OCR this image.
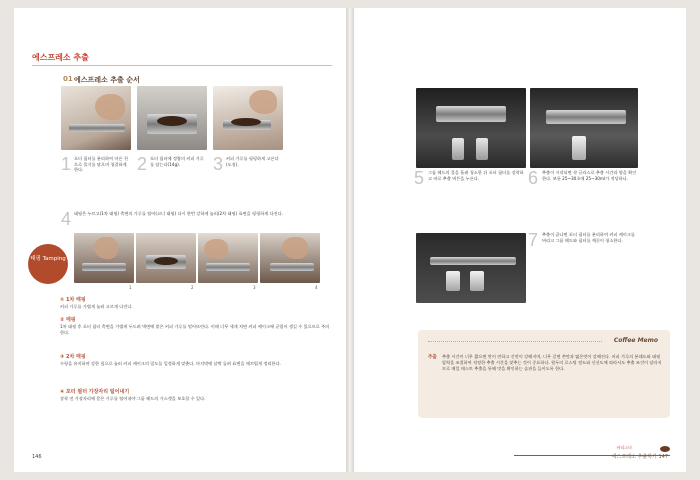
에스프레소 추출
01 에스프레소 추출 순서
1 포터 필터를 분리하여 마른 천으로 물기를 닦으며 청결하게 한다.	2 포터 필터에 정량의 커피 가루를 담는다(14g).	3 커피 가루를 평평하게 고른다(도징).
4 태핑은 누르고(1차 태핑) 측면의 가루를 털어(코너 태핑) 다시 한번 강하게 눌러(2차 태핑) 표면을 평평하게 다진다.
태핑 Tamping
1	2	3	4
① 1차 태핑
커피 가루를 가볍게 눌러 고르게 다진다.
② 태핑
1차 태핑 후 포터 필터 측면을 가볍게 두드려 벽면에 붙은 커피 가루를 떨어뜨린다. 이때 너무 세게 치면 커피 케이크에 균열이 생길 수 있으므로 주의한다.
③ 2차 태핑
수평을 유지하며 강한 힘으로 눌러 커피 케이크의 밀도를 일정하게 맞춘다. 마지막에 살짝 돌려 표면을 매끄럽게 정리한다.
④ 포터 필터 가장자리 털어내기
장착 전 가장자리에 묻은 가루를 털어내야 그룹 헤드의 가스켓을 보호할 수 있다.
146
5 그룹 헤드의 물을 흘려 청소한 뒤 포터 필터를 장착하고 바로 추출 버튼을 누른다.	6 추출이 시작되면 샷 글라스로 추출 시간과 양을 확인한다. 보통 25~30초에 25~30ml가 적당하다.
7 추출이 끝나면 포터 필터를 분리하여 커피 케이크를 버리고 그룹 헤드와 필터를 깨끗이 청소한다.
Coffee Memo
추출 추출 시간이 너무 짧으면 맛이 연하고 신맛이 강해지며, 너무 길면 쓴맛과 떫은맛이 강해진다. 커피 가루의 분쇄도와 태핑 압력을 조절하여 적정한 추출 시간을 맞추는 것이 중요하다. 원두의 로스팅 정도와 신선도에 따라서도 추출 조건이 달라지므로 매일 테스트 추출을 통해 맛을 확인하는 습관을 들이도록 한다.
바리스타
에스프레소 추출하기 147
